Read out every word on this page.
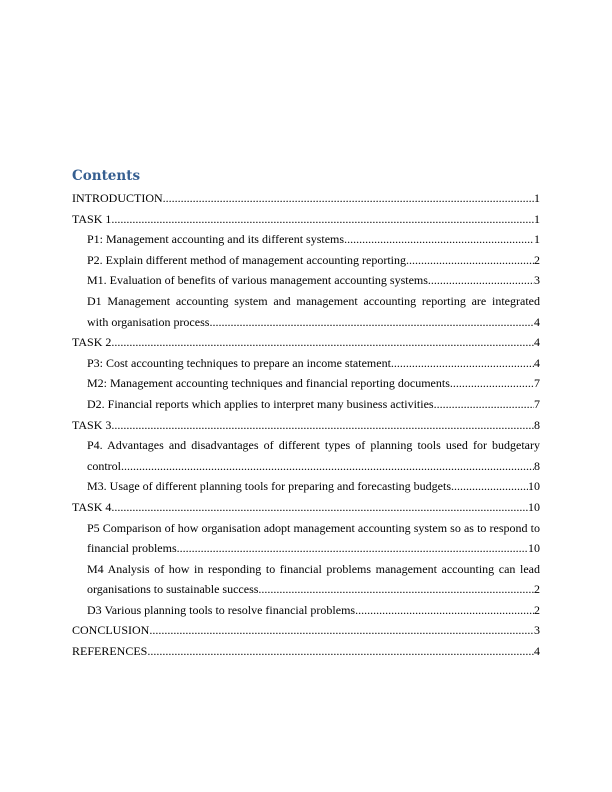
Contents
INTRODUCTION .....	1
TASK 1 .....	1
P1: Management accounting and its different systems .....	1
P2. Explain different method of management accounting reporting .....	2
M1. Evaluation of benefits of various management accounting systems .....	3
D1 Management accounting system and management accounting reporting are integrated
with organisation process .....	4
TASK 2 .....	4
P3: Cost accounting techniques to prepare an income statement .....	4
M2: Management accounting techniques and financial reporting documents .....	7
D2. Financial reports which applies to interpret many business activities .....	7
TASK 3 .....	8
P4. Advantages and disadvantages of different types of planning tools used for budgetary
control .....	8
M3. Usage of different planning tools for preparing and forecasting budgets .....	10
TASK 4 .....	10
P5 Comparison of how organisation adopt management accounting system so as to respond to
financial problems .....	10
M4 Analysis of how in responding to financial problems management accounting can lead
organisations to sustainable success .....	2
D3 Various planning tools to resolve financial problems .....	2
CONCLUSION .....	3
REFERENCES .....	4
